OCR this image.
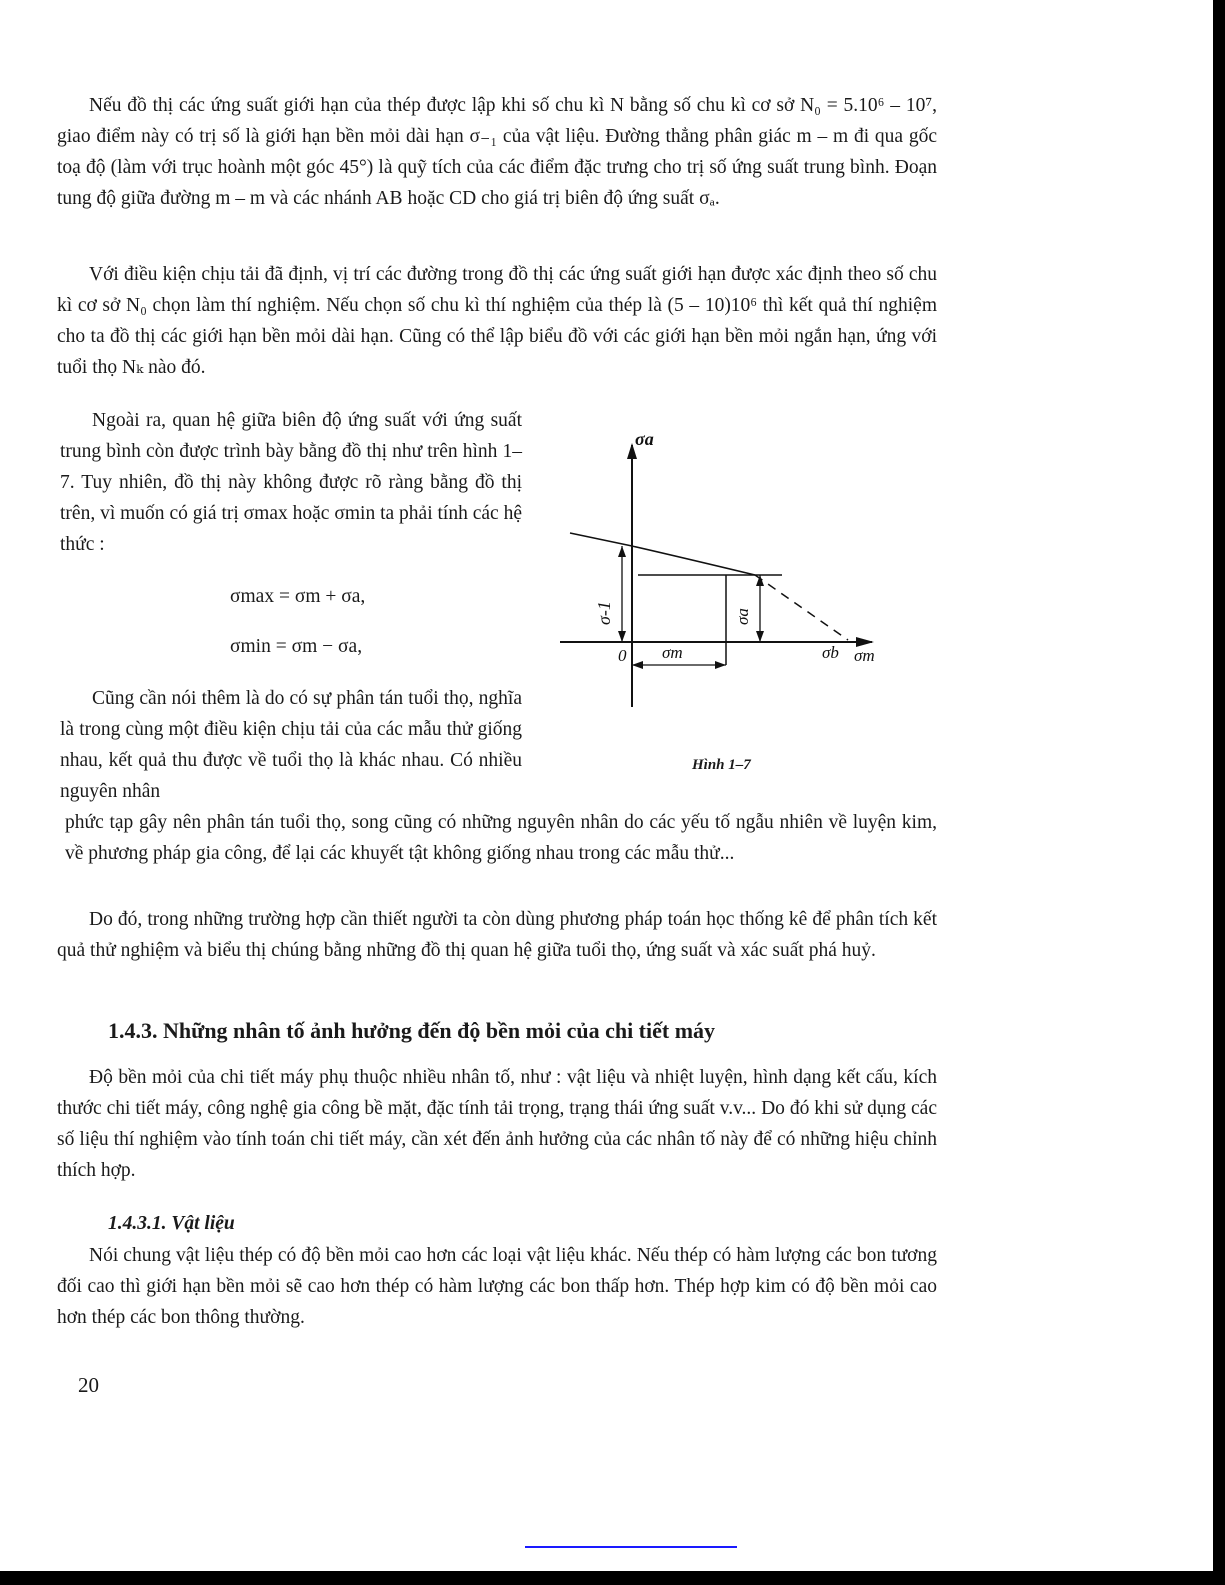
Nếu đồ thị các ứng suất giới hạn của thép được lập khi số chu kì N bằng số chu kì cơ sở N₀ = 5.10⁶ – 10⁷, giao điểm này có trị số là giới hạn bền mỏi dài hạn σ₋₁ của vật liệu. Đường thẳng phân giác m – m đi qua gốc toạ độ (làm với trục hoành một góc 45°) là quỹ tích của các điểm đặc trưng cho trị số ứng suất trung bình. Đoạn tung độ giữa đường m – m và các nhánh AB hoặc CD cho giá trị biên độ ứng suất σₐ.

Với điều kiện chịu tải đã định, vị trí các đường trong đồ thị các ứng suất giới hạn được xác định theo số chu kì cơ sở N₀ chọn làm thí nghiệm. Nếu chọn số chu kì thí nghiệm của thép là (5 – 10)10⁶ thì kết quả thí nghiệm cho ta đồ thị các giới hạn bền mỏi dài hạn. Cũng có thể lập biểu đồ với các giới hạn bền mỏi ngắn hạn, ứng với tuổi thọ Nₖ nào đó.

Ngoài ra, quan hệ giữa biên độ ứng suất với ứng suất trung bình còn được trình bày bằng đồ thị như trên hình 1–7. Tuy nhiên, đồ thị này không được rõ ràng bằng đồ thị trên, vì muốn có giá trị σmax hoặc σmin ta phải tính các hệ thức :

σmax = σm + σa,
σmin = σm − σa,

Cũng cần nói thêm là do có sự phân tán tuổi thọ, nghĩa là trong cùng một điều kiện chịu tải của các mẫu thử giống nhau, kết quả thu được về tuổi thọ là khác nhau. Có nhiều nguyên nhân

phức tạp gây nên phân tán tuổi thọ, song cũng có những nguyên nhân do các yếu tố ngẫu nhiên về luyện kim, về phương pháp gia công, để lại các khuyết tật không giống nhau trong các mẫu thử...

Do đó, trong những trường hợp cần thiết người ta còn dùng phương pháp toán học thống kê để phân tích kết quả thử nghiệm và biểu thị chúng bằng những đồ thị quan hệ giữa tuổi thọ, ứng suất và xác suất phá huỷ.

1.4.3. Những nhân tố ảnh hưởng đến độ bền mỏi của chi tiết máy

Độ bền mỏi của chi tiết máy phụ thuộc nhiều nhân tố, như : vật liệu và nhiệt luyện, hình dạng kết cấu, kích thước chi tiết máy, công nghệ gia công bề mặt, đặc tính tải trọng, trạng thái ứng suất v.v... Do đó khi sử dụng các số liệu thí nghiệm vào tính toán chi tiết máy, cần xét đến ảnh hưởng của các nhân tố này để có những hiệu chỉnh thích hợp.

1.4.3.1. Vật liệu

Nói chung vật liệu thép có độ bền mỏi cao hơn các loại vật liệu khác. Nếu thép có hàm lượng các bon tương đối cao thì giới hạn bền mỏi sẽ cao hơn thép có hàm lượng các bon thấp hơn. Thép hợp kim có độ bền mỏi cao hơn thép các bon thông thường.

σa
0 σm	σb σm
σ-1	σa
Hình 1–7
20
